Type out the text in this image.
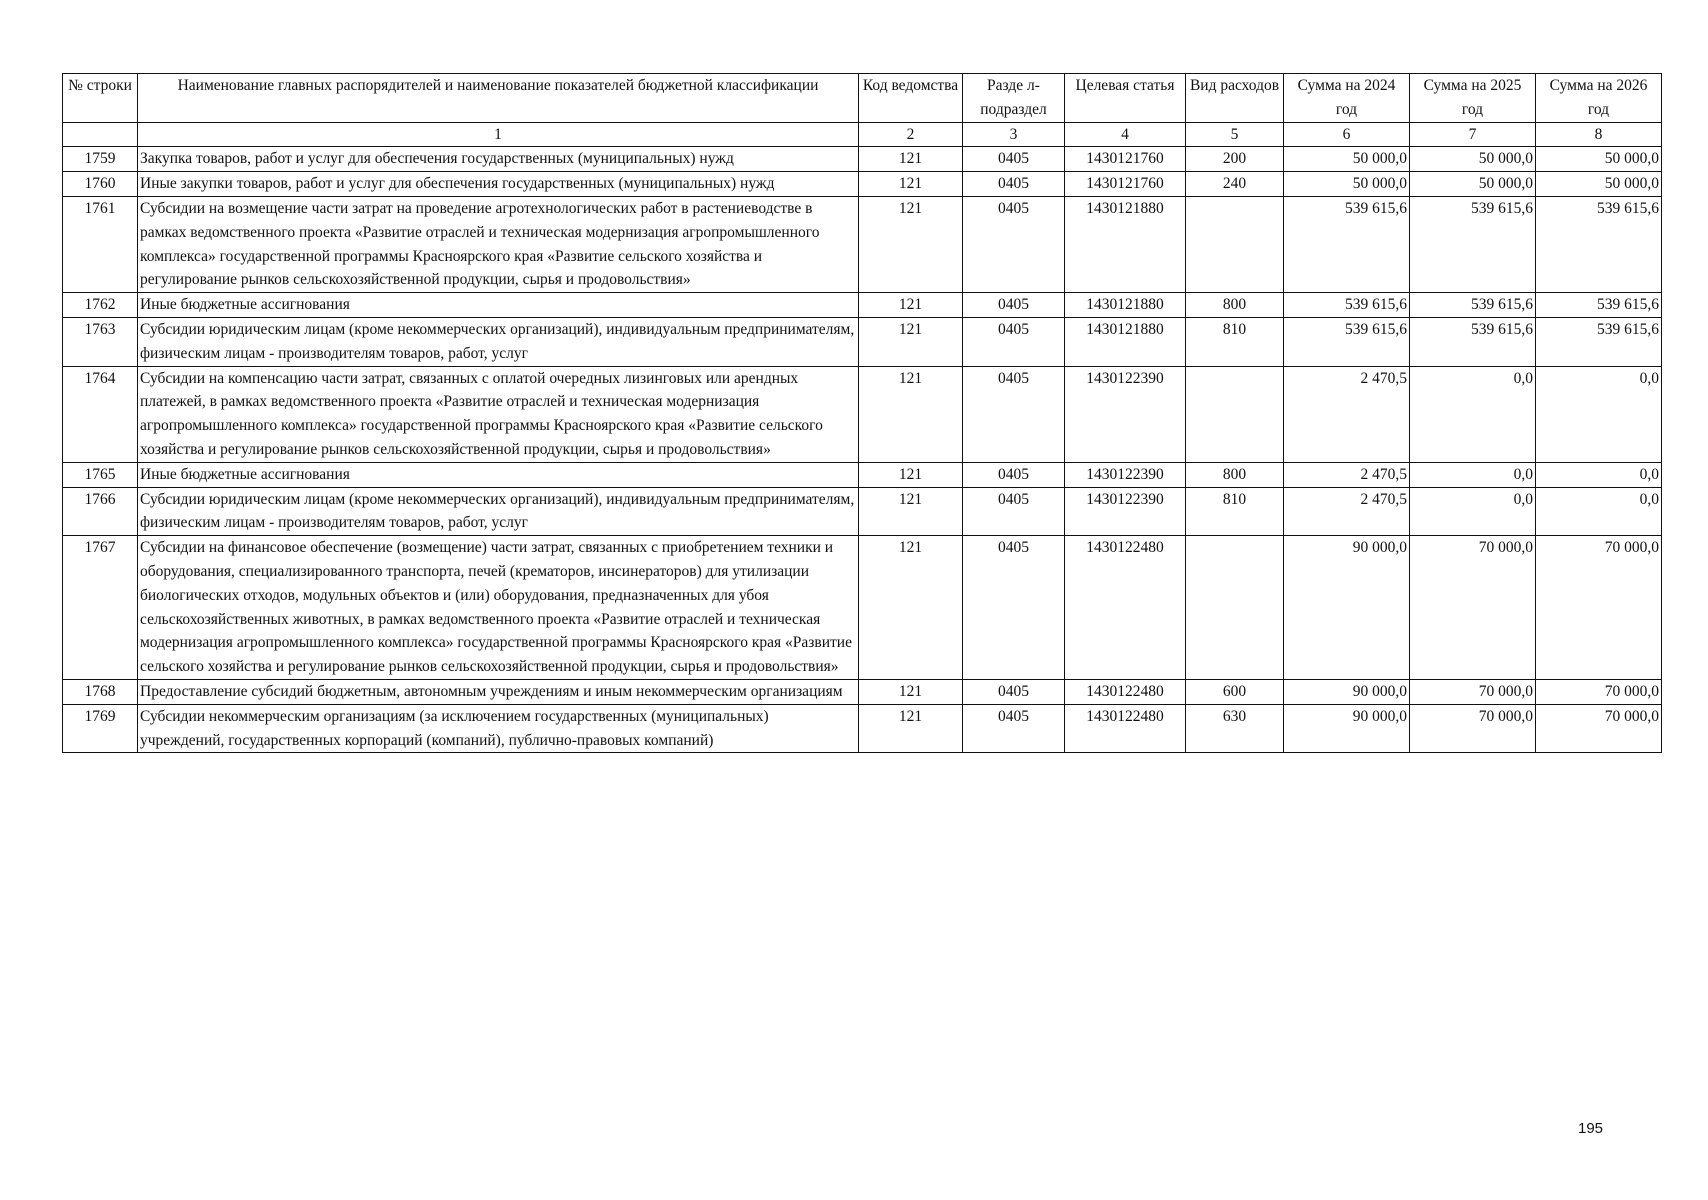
№ строки	Наименование главных распорядителей и наименование показателей бюджетной классификации	Код ведомства	Разде л-подраздел	Целевая статья	Вид расходов	Сумма на 2024 год	Сумма на 2025 год	Сумма на 2026 год
	1	2	3	4	5	6	7	8
1759	Закупка товаров, работ и услуг для обеспечения государственных (муниципальных) нужд	121	0405	1430121760	200	50 000,0	50 000,0	50 000,0
1760	Иные закупки товаров, работ и услуг для обеспечения государственных (муниципальных) нужд	121	0405	1430121760	240	50 000,0	50 000,0	50 000,0
1761	Субсидии на возмещение части затрат на проведение агротехнологических работ в растениеводстве в рамках ведомственного проекта «Развитие отраслей и техническая модернизация агропромышленного комплекса» государственной программы Красноярского края «Развитие сельского хозяйства и регулирование рынков сельскохозяйственной продукции, сырья и продовольствия»	121	0405	1430121880		539 615,6	539 615,6	539 615,6
1762	Иные бюджетные ассигнования	121	0405	1430121880	800	539 615,6	539 615,6	539 615,6
1763	Субсидии юридическим лицам (кроме некоммерческих организаций), индивидуальным предпринимателям, физическим лицам - производителям товаров, работ, услуг	121	0405	1430121880	810	539 615,6	539 615,6	539 615,6
1764	Субсидии на компенсацию части затрат, связанных с оплатой очередных лизинговых или арендных платежей, в рамках ведомственного проекта «Развитие отраслей и техническая модернизация агропромышленного комплекса» государственной программы Красноярского края «Развитие сельского хозяйства и регулирование рынков сельскохозяйственной продукции, сырья и продовольствия»	121	0405	1430122390		2 470,5	0,0	0,0
1765	Иные бюджетные ассигнования	121	0405	1430122390	800	2 470,5	0,0	0,0
1766	Субсидии юридическим лицам (кроме некоммерческих организаций), индивидуальным предпринимателям, физическим лицам - производителям товаров, работ, услуг	121	0405	1430122390	810	2 470,5	0,0	0,0
1767	Субсидии на финансовое обеспечение (возмещение) части затрат, связанных с приобретением техники и оборудования, специализированного транспорта, печей (крематоров, инсинераторов) для утилизации биологических отходов, модульных объектов и (или) оборудования, предназначенных для убоя сельскохозяйственных животных, в рамках ведомственного проекта «Развитие отраслей и техническая модернизация агропромышленного комплекса» государственной программы Красноярского края «Развитие сельского хозяйства и регулирование рынков сельскохозяйственной продукции, сырья и продовольствия»	121	0405	1430122480		90 000,0	70 000,0	70 000,0
1768	Предоставление субсидий бюджетным, автономным учреждениям и иным некоммерческим организациям	121	0405	1430122480	600	90 000,0	70 000,0	70 000,0
1769	Субсидии некоммерческим организациям (за исключением государственных (муниципальных) учреждений, государственных корпораций (компаний), публично-правовых компаний)	121	0405	1430122480	630	90 000,0	70 000,0	70 000,0
195
